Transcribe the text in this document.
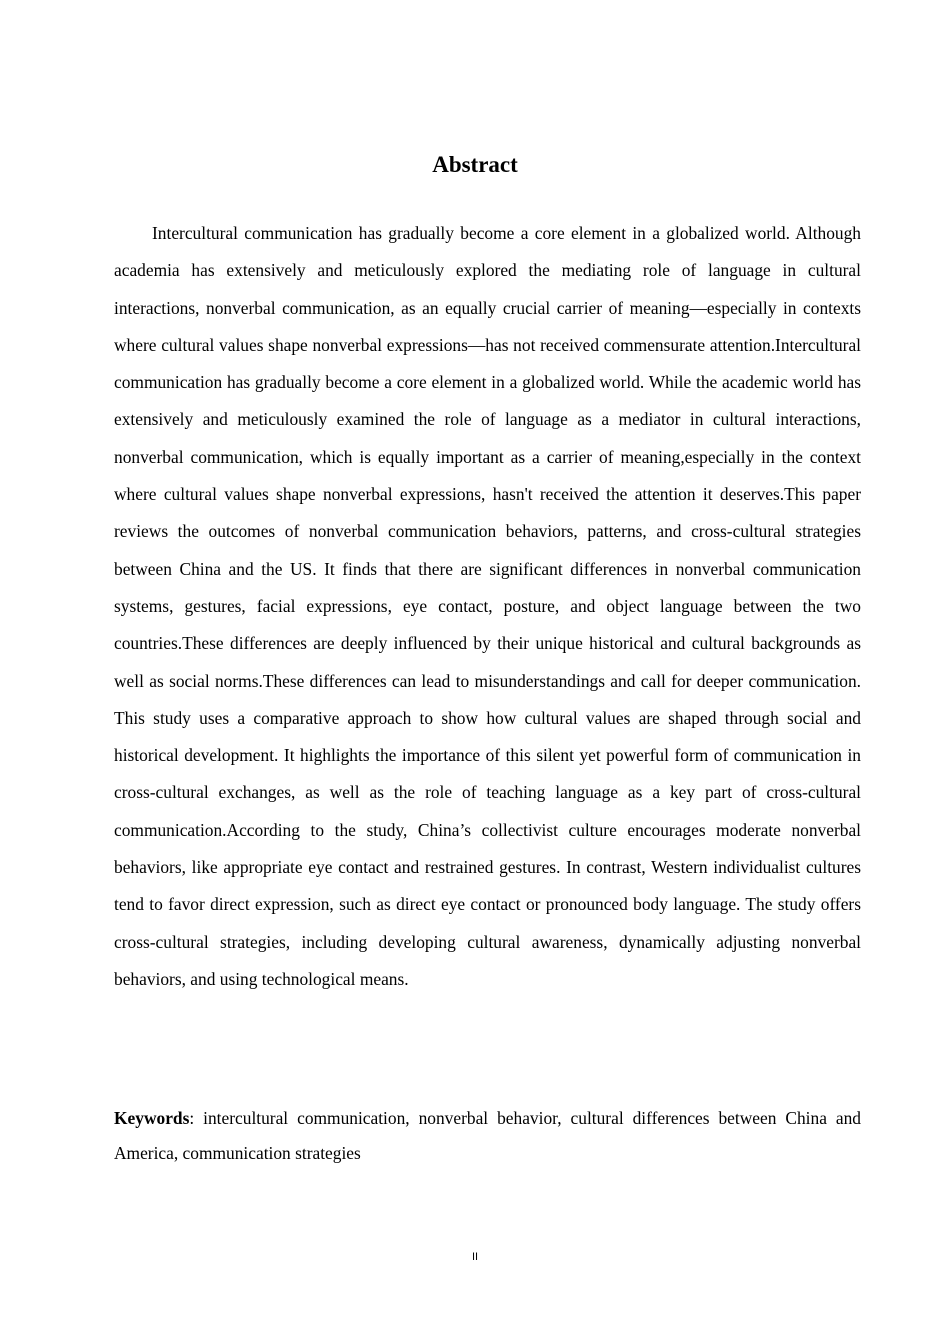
Abstract

Intercultural communication has gradually become a core element in a globalized world. Although academia has extensively and meticulously explored the mediating role of language in cultural interactions, nonverbal communication, as an equally crucial carrier of meaning—especially in contexts where cultural values shape nonverbal expressions—has not received commensurate attention.Intercultural communication has gradually become a core element in a globalized world. While the academic world has extensively and meticulously examined the role of language as a mediator in cultural interactions, nonverbal communication, which is equally important as a carrier of meaning,especially in the context where cultural values shape nonverbal expressions, hasn't received the attention it deserves.This paper reviews the outcomes of nonverbal communication behaviors, patterns, and cross-cultural strategies between China and the US. It finds that there are significant differences in nonverbal communication systems, gestures, facial expressions, eye contact, posture, and object language between the two countries.These differences are deeply influenced by their unique historical and cultural backgrounds as well as social norms.These differences can lead to misunderstandings and call for deeper communication. This study uses a comparative approach to show how cultural values are shaped through social and historical development. It highlights the importance of this silent yet powerful form of communication in cross-cultural exchanges, as well as the role of teaching language as a key part of cross-cultural communication.According to the study, China’s collectivist culture encourages moderate nonverbal behaviors, like appropriate eye contact and restrained gestures. In contrast, Western individualist cultures tend to favor direct expression, such as direct eye contact or pronounced body language. The study offers cross-cultural strategies, including developing cultural awareness, dynamically adjusting nonverbal behaviors, and using technological means.

Keywords: intercultural communication, nonverbal behavior, cultural differences between China and America, communication strategies

II
